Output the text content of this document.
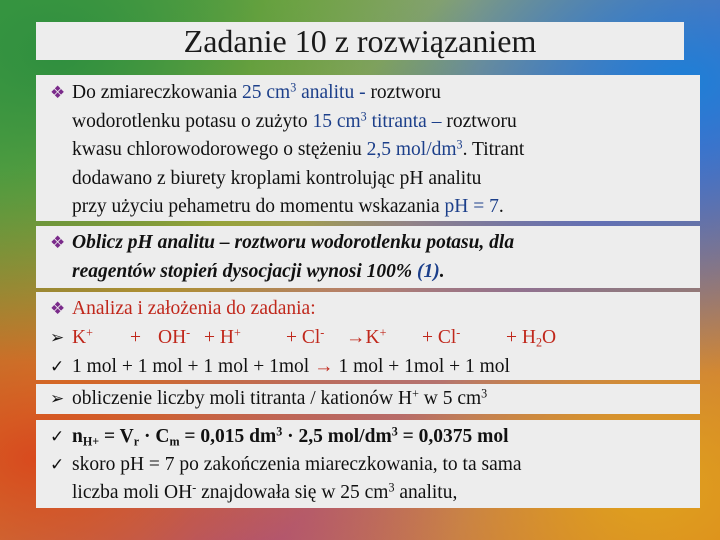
Zadanie 10 z rozwiązaniem
❖ Do zmiareczkowania 25 $cm^3$ analitu - roztworu
wodorotlenku potasu o zużyto 15 $cm^3$ titranta – roztworu
kwasu chlorowodorowego o stężeniu 2,5 mol/$dm^3$. Titrant
dodawano z biurety kroplami kontrolując pH analitu
przy użyciu pehametru do momentu wskazania pH = 7.
❖ Oblicz pH analitu – roztworu wodorotlenku potasu, dla
reagentów stopień dysocjacji wynosi 100% (1).
❖ Analiza i założenia do zadania:
➢ $K^+ + OH^- + H^+ + Cl^- \to K^+ + Cl^- + H_2O$
✓ 1 mol + 1 mol + 1 mol + 1mol → 1 mol + 1mol + 1 mol
➢ obliczenie liczby moli titranta / kationów H+ w 5 $cm^3$
✓ $n_{H+} = V_r \cdot C_m = 0,015$ $dm^3 \cdot 2,5$ mol/$dm^3 = 0,0375$ mol
✓ skoro pH = 7 po zakończenia miareczkowania, to ta sama
liczba moli OH- znajdowała się w 25 $cm^3$ analitu,
